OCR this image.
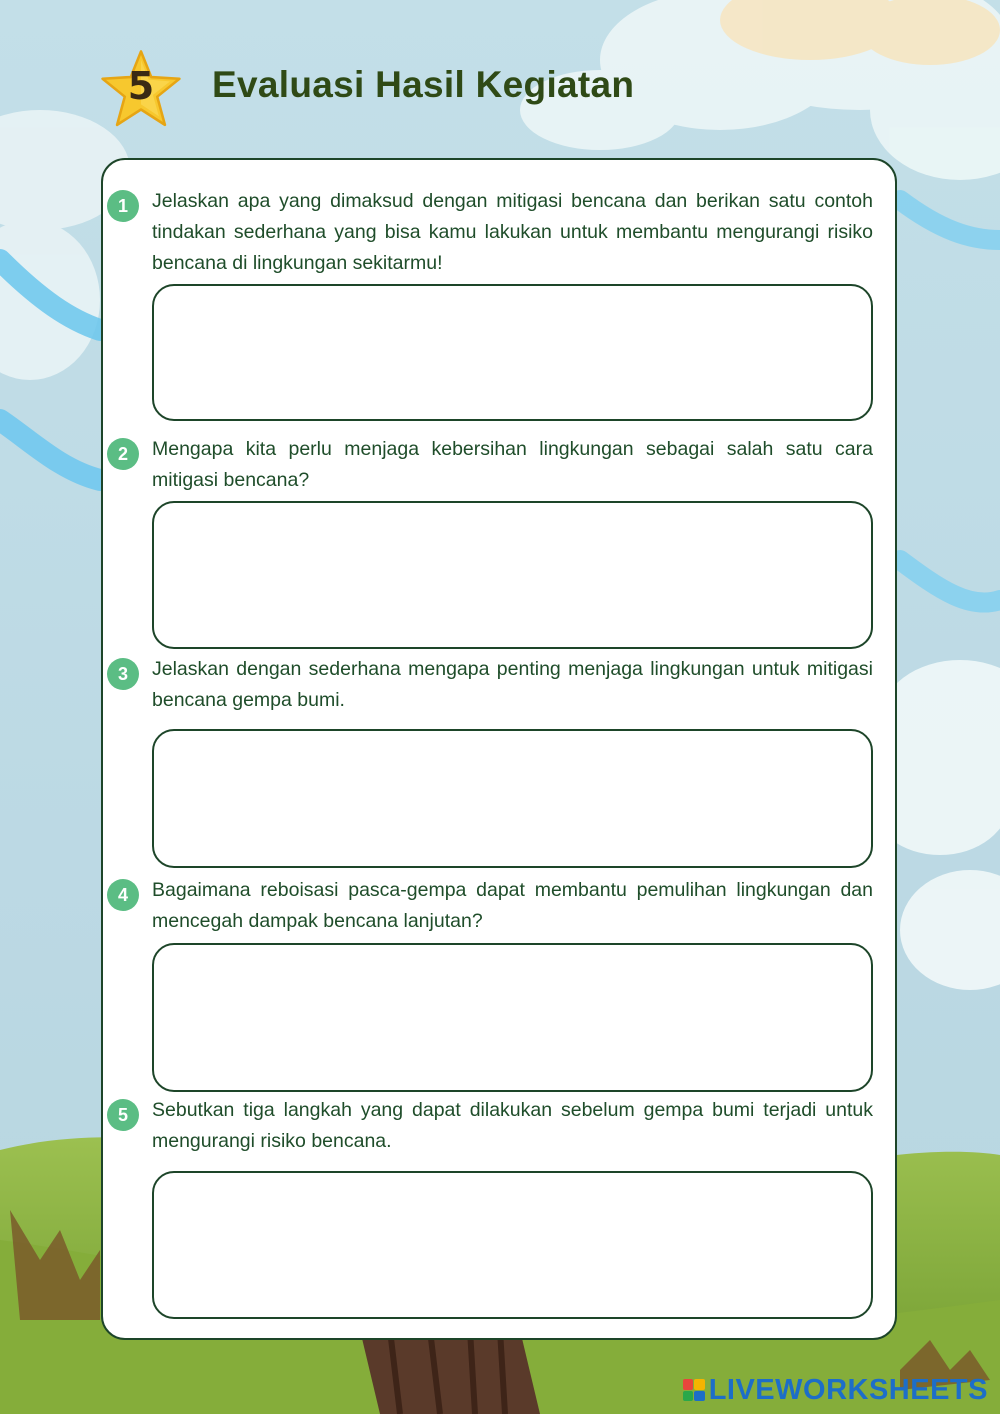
5	Evaluasi Hasil Kegiatan
1	Jelaskan apa yang dimaksud dengan mitigasi bencana dan berikan satu contoh tindakan sederhana yang bisa kamu lakukan untuk membantu mengurangi risiko bencana di lingkungan sekitarmu!

2	Mengapa kita perlu menjaga kebersihan lingkungan sebagai salah satu cara mitigasi bencana?

3	Jelaskan dengan sederhana mengapa penting menjaga lingkungan untuk mitigasi bencana gempa bumi.

4	Bagaimana reboisasi pasca-gempa dapat membantu pemulihan lingkungan dan mencegah dampak bencana lanjutan?

5	Sebutkan tiga langkah yang dapat dilakukan sebelum gempa bumi terjadi untuk mengurangi risiko bencana.

LIVEWORKSHEETS
